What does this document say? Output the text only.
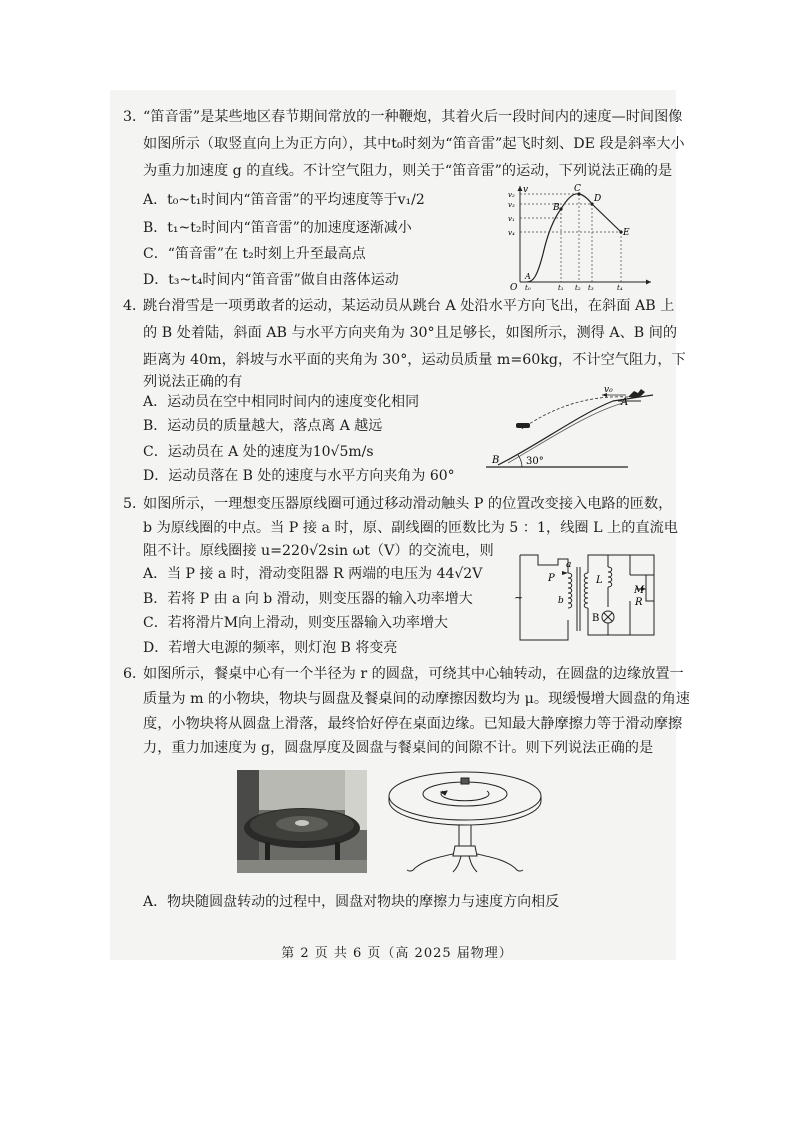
3．“笛音雷”是某些地区春节期间常放的一种鞭炮，其着火后一段时间内的速度—时间图像
如图所示（取竖直向上为正方向），其中t₀时刻为“笛音雷”起飞时刻、DE 段是斜率大小
为重力加速度 g 的直线。不计空气阻力，则关于“笛音雷”的运动，下列说法正确的是
A．t₀~t₁时间内“笛音雷”的平均速度等于v₁/2
B．t₁~t₂时间内“笛音雷”的加速度逐渐减小
C．“笛音雷”在 t₂时刻上升至最高点
D．t₃~t₄时间内“笛音雷”做自由落体运动
v
O
A
B
C
D
E
v₂
v₃
v₁
v₄
t₀	t₁ t₂ t₃	t₄
4．跳台滑雪是一项勇敢者的运动，某运动员从跳台 A 处沿水平方向飞出，在斜面 AB 上
的 B 处着陆，斜面 AB 与水平方向夹角为 30°且足够长，如图所示，测得 A、B 间的
距离为 40m，斜坡与水平面的夹角为 30°，运动员质量 m=60kg，不计空气阻力，下
列说法正确的有
A．运动员在空中相同时间内的速度变化相同
B．运动员的质量越大，落点离 A 越远
C．运动员在 A 处的速度为10√5m/s
D．运动员落在 B 处的速度与水平方向夹角为 60°
v₀
A
B	30°
5．如图所示，一理想变压器原线圈可通过移动滑动触头 P 的位置改变接入电路的匝数，
b 为原线圈的中点。当 P 接 a 时，原、副线圈的匝数比为 5 ：1，线圈 L 上的直流电
阻不计。原线圈接 u=220√2sin ωt（V）的交流电，则
A．当 P 接 a 时，滑动变阻器 R 两端的电压为 44√2V
B．若将 P 由 a 向 b 滑动，则变压器的输入功率增大
C．若将滑片M向上滑动，则变压器输入功率增大
D．若增大电源的频率，则灯泡 B 将变亮
~
a
P
b
L
M
R
B
6．如图所示，餐桌中心有一个半径为 r 的圆盘，可绕其中心轴转动，在圆盘的边缘放置一
质量为 m 的小物块，物块与圆盘及餐桌间的动摩擦因数均为 μ。现缓慢增大圆盘的角速
度，小物块将从圆盘上滑落，最终恰好停在桌面边缘。已知最大静摩擦力等于滑动摩擦
力，重力加速度为 g，圆盘厚度及圆盘与餐桌间的间隙不计。则下列说法正确的是
A．物块随圆盘转动的过程中，圆盘对物块的摩擦力与速度方向相反
第 2 页 共 6 页（高 2025 届物理）
